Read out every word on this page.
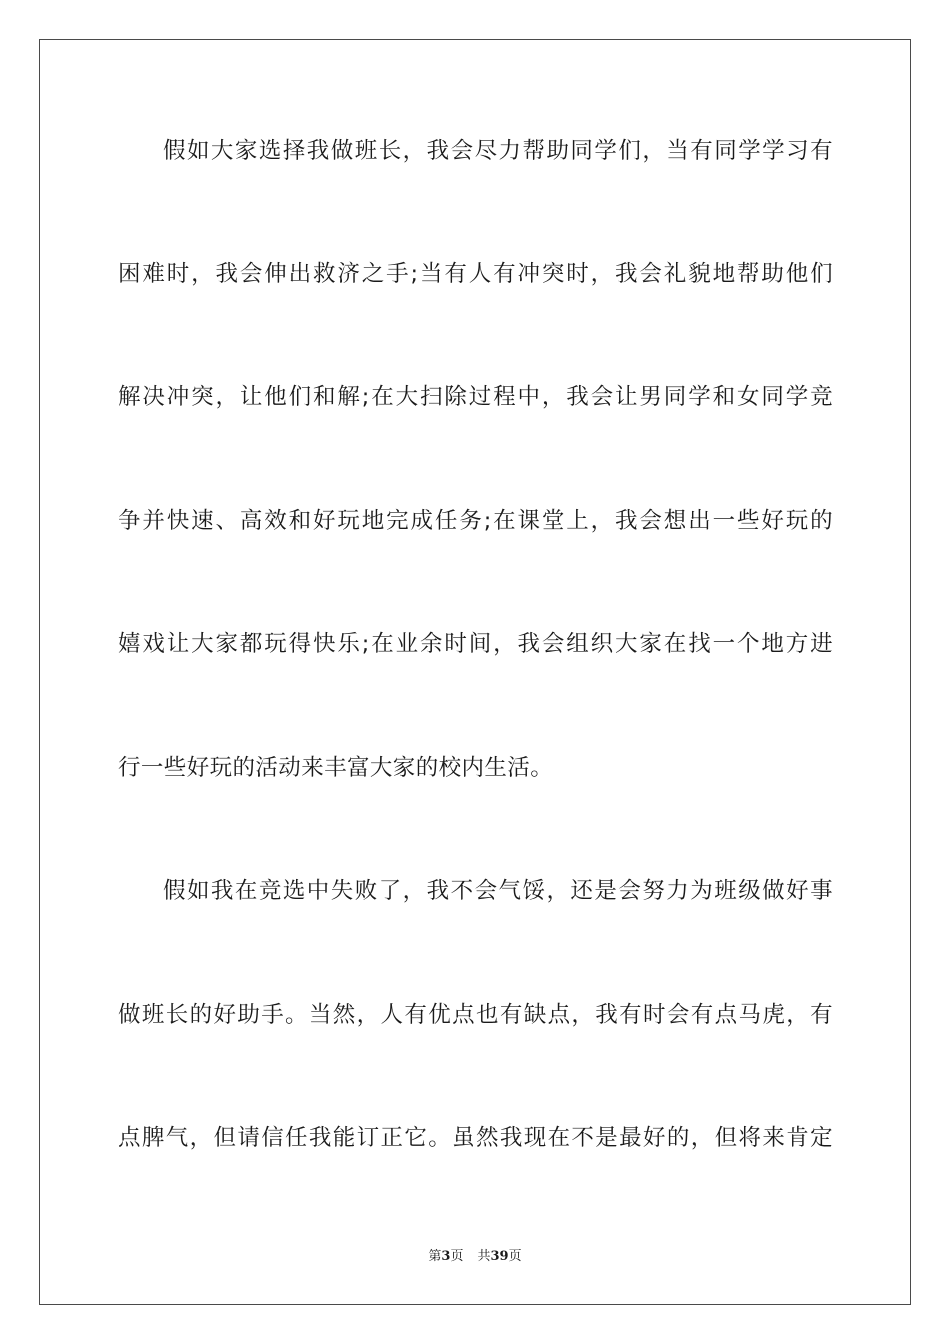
假如大家选择我做班长，我会尽力帮助同学们，当有同学学习有
困难时，我会伸出救济之手;当有人有冲突时，我会礼貌地帮助他们
解决冲突，让他们和解;在大扫除过程中，我会让男同学和女同学竞
争并快速、高效和好玩地完成任务;在课堂上，我会想出一些好玩的
嬉戏让大家都玩得快乐;在业余时间，我会组织大家在找一个地方进
行一些好玩的活动来丰富大家的校内生活。
假如我在竞选中失败了，我不会气馁，还是会努力为班级做好事
做班长的好助手。当然，人有优点也有缺点，我有时会有点马虎，有
点脾气，但请信任我能订正它。虽然我现在不是最好的，但将来肯定
第3页 共39页
